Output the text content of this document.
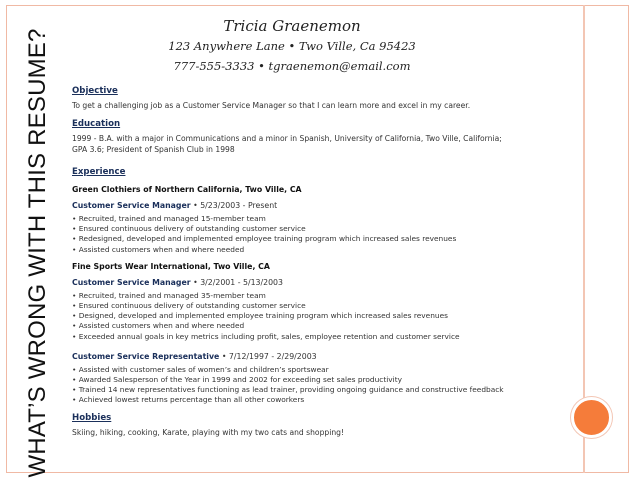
WHAT’S WRONG WITH THIS RESUME?
Tricia Graenemon
123 Anywhere Lane • Two Ville, Ca 95423
777-555-3333 • tgraenemon@email.com
Objective
To get a challenging job as a Customer Service Manager so that I can learn more and excel in my career.
Education
1999 - B.A. with a major in Communications and a minor in Spanish, University of California, Two Ville, California;
GPA 3.6; President of Spanish Club in 1998
Experience
Green Clothiers of Northern California, Two Ville, CA
Customer Service Manager • 5/23/2003 - Present
• Recruited, trained and managed 15-member team
• Ensured continuous delivery of outstanding customer service
• Redesigned, developed and implemented employee training program which increased sales revenues
• Assisted customers when and where needed
Fine Sports Wear International, Two Ville, CA
Customer Service Manager • 3/2/2001 - 5/13/2003
• Recruited, trained and managed 35-member team
• Ensured continuous delivery of outstanding customer service
• Designed, developed and implemented employee training program which increased sales revenues
• Assisted customers when and where needed
• Exceeded annual goals in key metrics including profit, sales, employee retention and customer service
Customer Service Representative • 7/12/1997 - 2/29/2003
• Assisted with customer sales of women’s and children’s sportswear
• Awarded Salesperson of the Year in 1999 and 2002 for exceeding set sales productivity
• Trained 14 new representatives functioning as lead trainer, providing ongoing guidance and constructive feedback
• Achieved lowest returns percentage than all other coworkers
Hobbies
Skiing, hiking, cooking, Karate, playing with my two cats and shopping!
